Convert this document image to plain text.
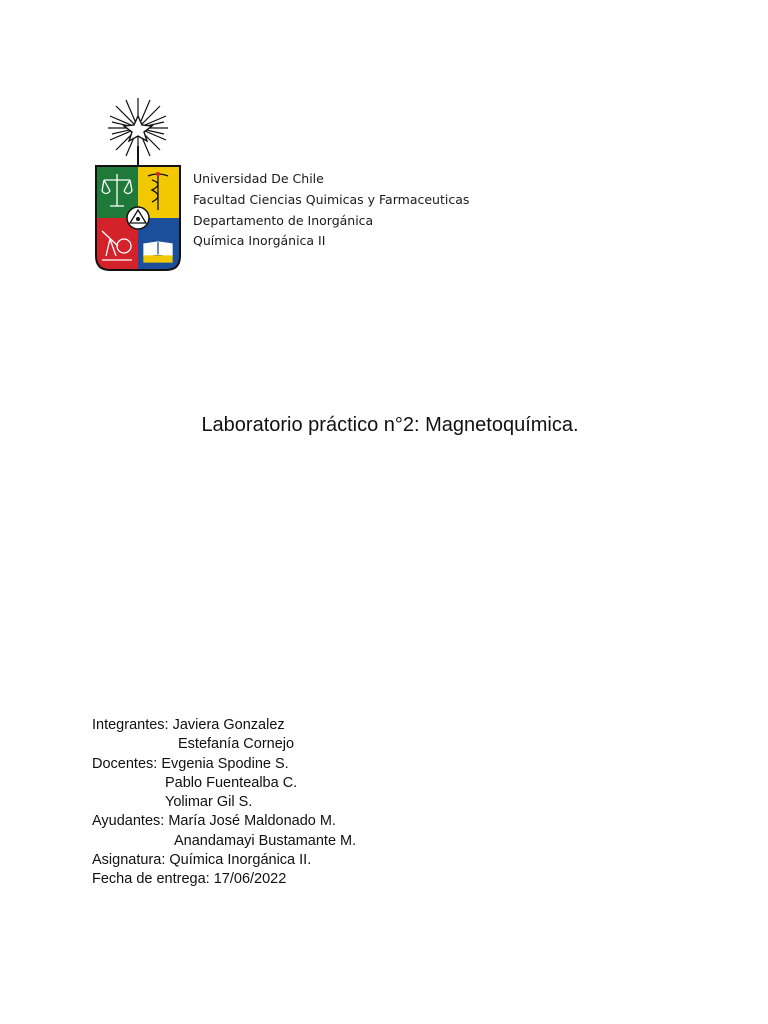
Universidad De Chile
Facultad Ciencias Quimicas y Farmaceuticas
Departamento de Inorgánica
Química Inorgánica II
Laboratorio práctico n°2: Magnetoquímica.
Integrantes: Javiera Gonzalez
Estefanía Cornejo
Docentes: Evgenia Spodine S.
Pablo Fuentealba C.
Yolimar Gil S.
Ayudantes: María José Maldonado M.
Anandamayi Bustamante M.
Asignatura: Química Inorgánica II.
Fecha de entrega: 17/06/2022
